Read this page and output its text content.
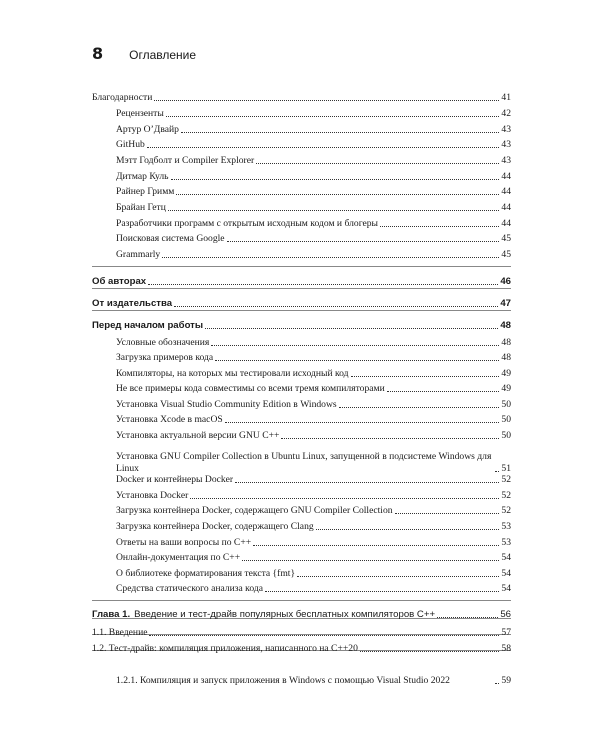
8 Оглавление
Благодарности	41
Рецензенты	42
Артур О’Двайр	43
GitHub	43
Мэтт Годболт и Compiler Explorer	43
Дитмар Куль	44
Райнер Гримм	44
Брайан Гетц	44
Разработчики программ с открытым исходным кодом и блогеры	44
Поисковая система Google	45
Grammarly	45
Об авторах	46
От издательства	47
Перед началом работы	48
Условные обозначения	48
Загрузка примеров кода	48
Компиляторы, на которых мы тестировали исходный код	49
Не все примеры кода совместимы со всеми тремя компиляторами	49
Установка Visual Studio Community Edition в Windows	50
Установка Xcode в macOS	50
Установка актуальной версии GNU C++	50
Установка GNU Compiler Collection в Ubuntu Linux, запущенной в подсистеме Windows для Linux	51
Docker и контейнеры Docker	52
Установка Docker	52
Загрузка контейнера Docker, содержащего GNU Compiler Collection	52
Загрузка контейнера Docker, содержащего Clang	53
Ответы на ваши вопросы по C++	53
Онлайн-документация по C++	54
О библиотеке форматирования текста {fmt}	54
Средства статического анализа кода	54
Глава 1. Введение и тест-драйв популярных бесплатных компиляторов C++	56
1.1. Введение	57
1.2. Тест-драйв: компиляция приложения, написанного на C++20	58
1.2.1. Компиляция и запуск приложения в Windows с помощью Visual Studio 2022	59
